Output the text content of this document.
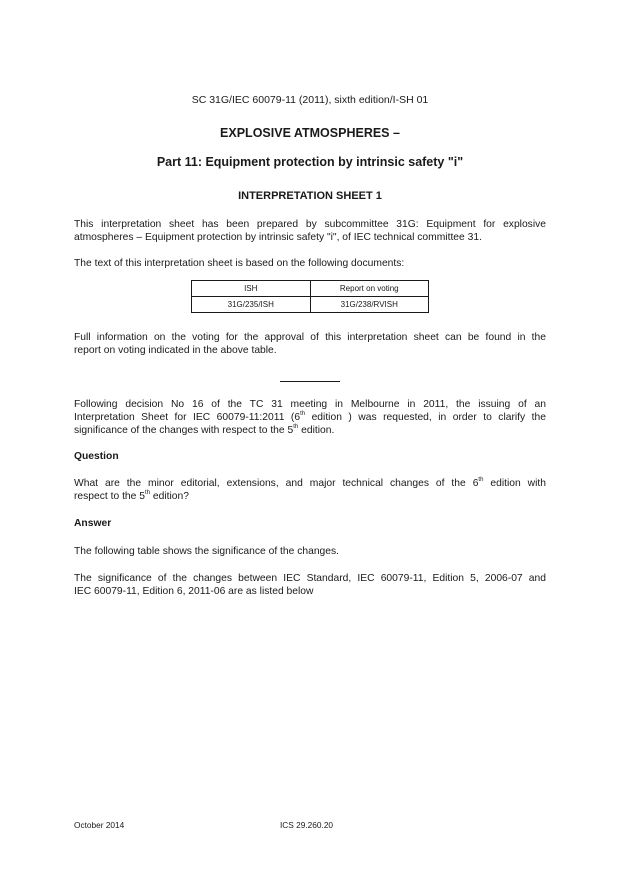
SC 31G/IEC 60079-11 (2011), sixth edition/I-SH 01
EXPLOSIVE ATMOSPHERES –
Part 11: Equipment protection by intrinsic safety "i"
INTERPRETATION SHEET 1
This interpretation sheet has been prepared by subcommittee 31G: Equipment for explosive
atmospheres – Equipment protection by intrinsic safety "i", of IEC technical committee 31.
The text of this interpretation sheet is based on the following documents:
ISH	Report on voting
31G/235/ISH	31G/238/RVISH
Full information on the voting for the approval of this interpretation sheet can be found in the
report on voting indicated in the above table.
Following decision No 16 of the TC 31 meeting in Melbourne in 2011, the issuing of an
Interpretation Sheet for IEC 60079-11:2011 (6th edition ) was requested, in order to clarify the
significance of the changes with respect to the 5th edition.
Question
What are the minor editorial, extensions, and major technical changes of the 6th edition with
respect to the 5th edition?
Answer
The following table shows the significance of the changes.
The significance of the changes between IEC Standard, IEC 60079-11, Edition 5, 2006-07 and
IEC 60079-11, Edition 6, 2011-06 are as listed below
October 2014	ICS 29.260.20
